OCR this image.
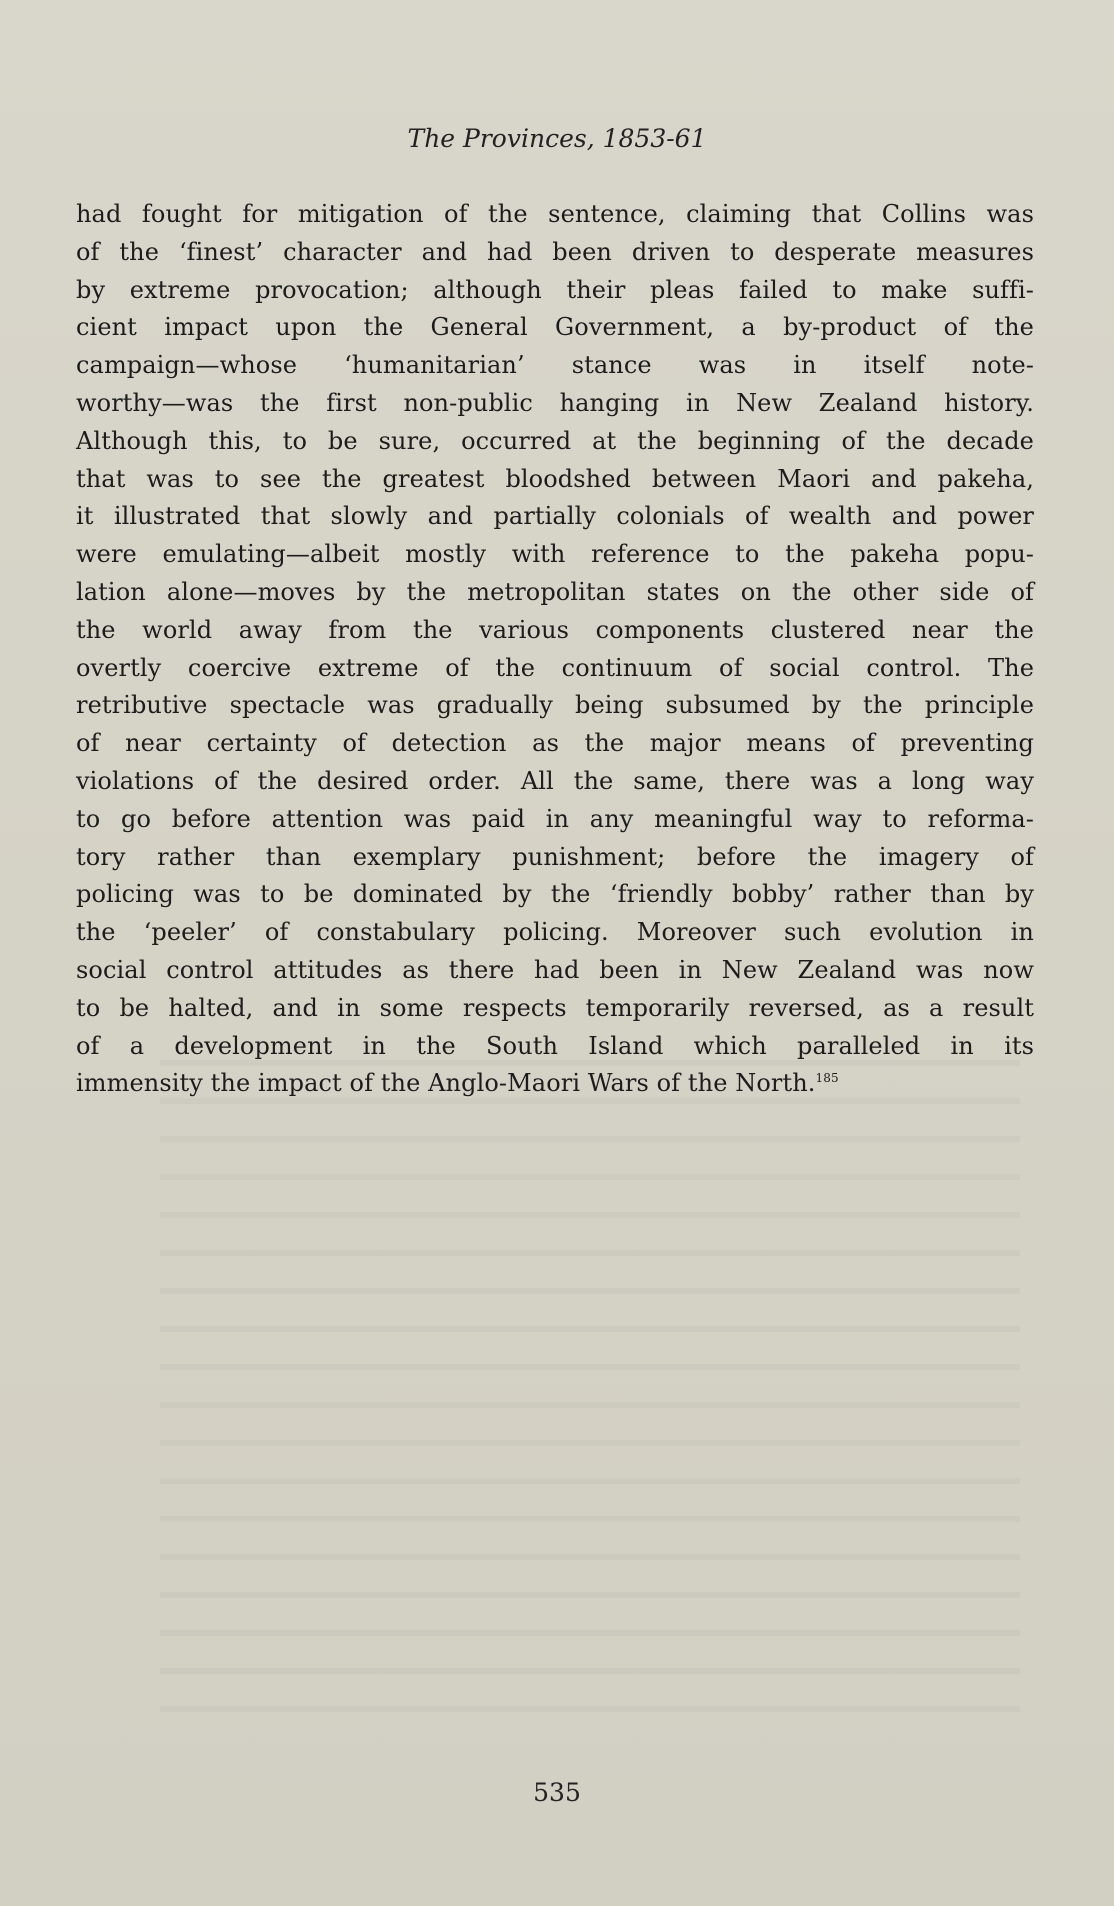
The Provinces, 1853-61
had fought for mitigation of the sentence, claiming that Collins was
of the ‘finest’ character and had been driven to desperate measures
by extreme provocation; although their pleas failed to make suffi-
cient impact upon the General Government, a by-product of the
campaign—whose ‘humanitarian’ stance was in itself note-
worthy—was the first non-public hanging in New Zealand history.
Although this, to be sure, occurred at the beginning of the decade
that was to see the greatest bloodshed between Maori and pakeha,
it illustrated that slowly and partially colonials of wealth and power
were emulating—albeit mostly with reference to the pakeha popu-
lation alone—moves by the metropolitan states on the other side of
the world away from the various components clustered near the
overtly coercive extreme of the continuum of social control. The
retributive spectacle was gradually being subsumed by the principle
of near certainty of detection as the major means of preventing
violations of the desired order. All the same, there was a long way
to go before attention was paid in any meaningful way to reforma-
tory rather than exemplary punishment; before the imagery of
policing was to be dominated by the ‘friendly bobby’ rather than by
the ‘peeler’ of constabulary policing. Moreover such evolution in
social control attitudes as there had been in New Zealand was now
to be halted, and in some respects temporarily reversed, as a result
of a development in the South Island which paralleled in its
immensity the impact of the Anglo-Maori Wars of the North.$^{185}$
535
